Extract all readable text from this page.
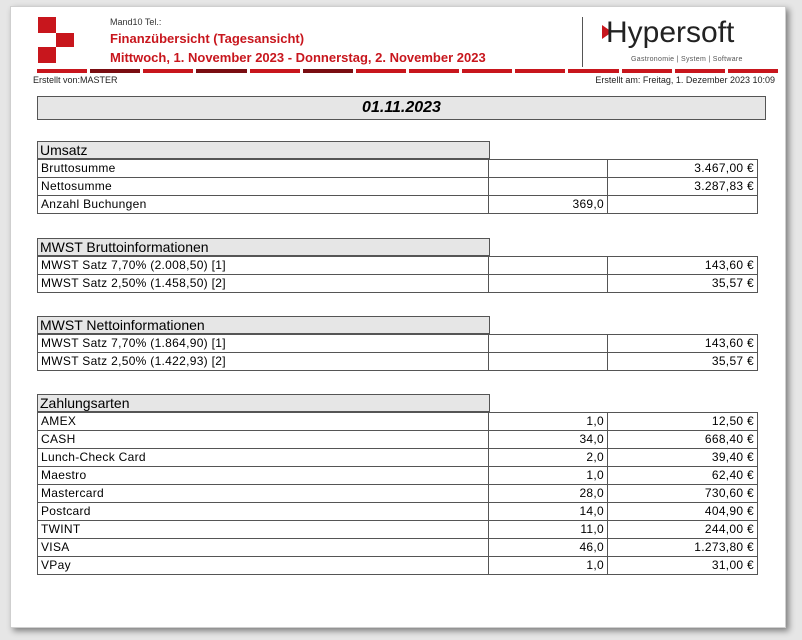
Mand10 Tel.:
Finanzübersicht (Tagesansicht)
Mittwoch, 1. November 2023 - Donnerstag, 2. November 2023
Hypersoft
Gastronomie | System | Software
Erstellt von:MASTER	Erstellt am: Freitag, 1. Dezember 2023 10:09
01.11.2023
Umsatz
Bruttosumme		3.467,00 €
Nettosumme		3.287,83 €
Anzahl Buchungen	369,0	
MWST Bruttoinformationen
MWST Satz 7,70% (2.008,50) [1]		143,60 €
MWST Satz 2,50% (1.458,50) [2]		35,57 €
MWST Nettoinformationen
MWST Satz 7,70% (1.864,90) [1]		143,60 €
MWST Satz 2,50% (1.422,93) [2]		35,57 €
Zahlungsarten
AMEX	1,0	12,50 €
CASH	34,0	668,40 €
Lunch-Check Card	2,0	39,40 €
Maestro	1,0	62,40 €
Mastercard	28,0	730,60 €
Postcard	14,0	404,90 €
TWINT	11,0	244,00 €
VISA	46,0	1.273,80 €
VPay	1,0	31,00 €
